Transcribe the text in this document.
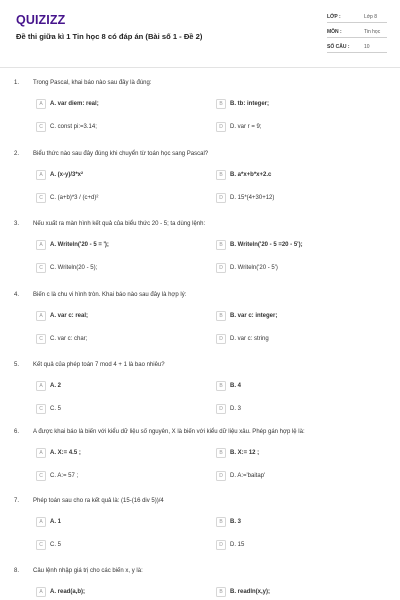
QUIZIZZ
Đề thi giữa kì 1 Tin học 8 có đáp án (Bài số 1 - Đề 2)
LỚP :	Lớp 8
MÔN :	Tin học
SỐ CÂU :	10
1. Trong Pascal, khai báo nào sau đây là đúng:
A	A. var diem: real;	B	B. tb: integer;
C	C. const pi:=3.14;	D	D. var r = 9;
2. Biểu thức nào sau đây đúng khi chuyển từ toán học sang Pascal?
A	A. (x-y)/3*x²	B	B. a*x+b*x+2.c
C	C. (a+b)*3 / (c+d)²	D	D. 15*(4+30+12)
3. Nếu xuất ra màn hình kết quả của biểu thức 20 - 5; ta dùng lệnh:
A	A. Writeln('20 - 5 = ');	B	B. Writeln('20 - 5 =20 - 5');
C	C. Writeln(20 - 5);	D	D. Writeln('20 - 5')
4. Biến c là chu vi hình tròn. Khai báo nào sau đây là hợp lý:
A	A. var c: real;	B	B. var c: integer;
C	C. var c: char;	D	D. var c: string
5. Kết quả của phép toán 7 mod 4 + 1 là bao nhiêu?
A	A. 2	B	B. 4
C	C. 5	D	D. 3
6. A được khai báo là biến với kiểu dữ liệu số nguyên, X là biến với kiểu dữ liệu xâu. Phép gán hợp lệ là:
A	A. X:= 4.5 ;	B	B. X:= 12 ;
C	C. A:= 57 ;	D	D. A:='baitap'
7. Phép toán sau cho ra kết quả là: (15-(16 div 5))/4
A	A. 1	B	B. 3
C	C. 5	D	D. 15
8. Câu lệnh nhập giá trị cho các biến x, y là:
A	A. read(a,b);	B	B. readln(x,y);
